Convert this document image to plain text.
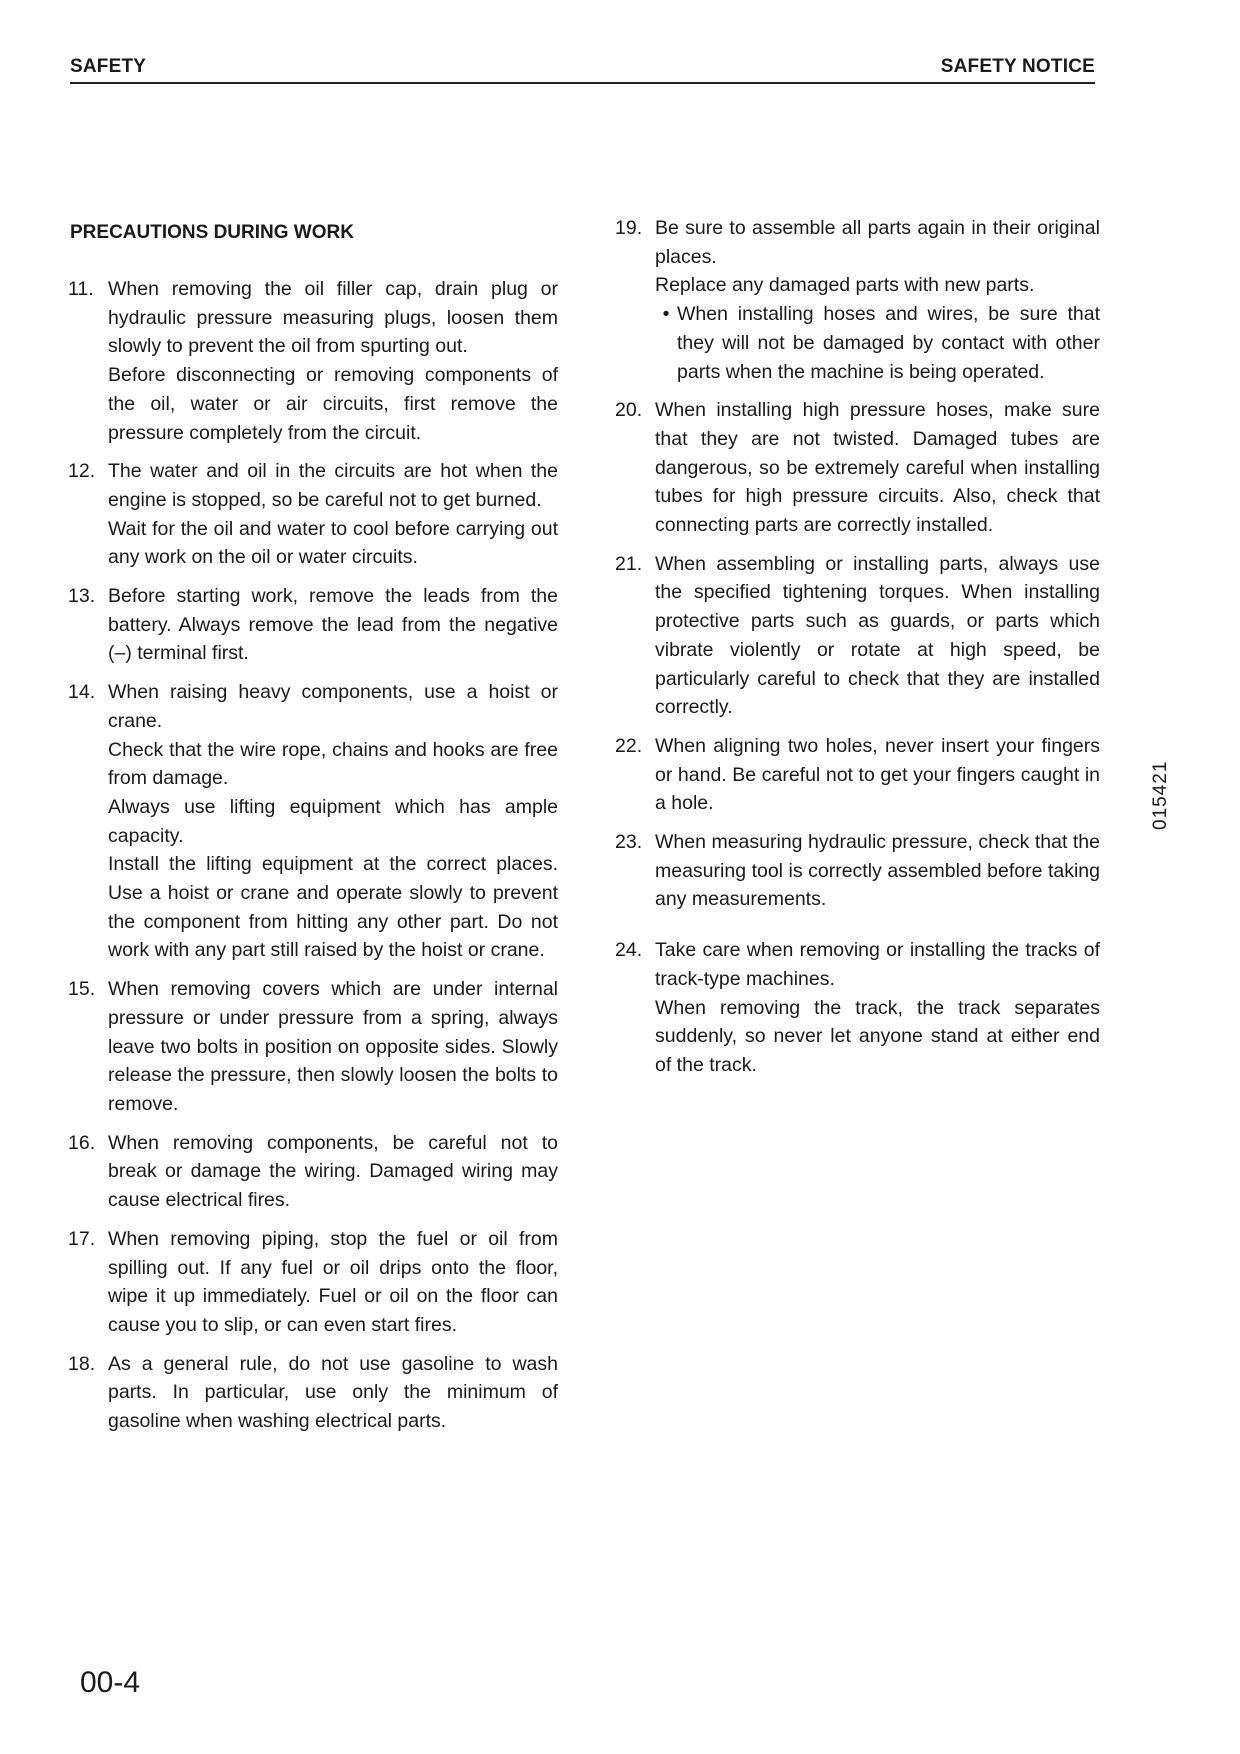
SAFETY	SAFETY NOTICE
PRECAUTIONS DURING WORK
11. When removing the oil filler cap, drain plug or hydraulic pressure measuring plugs, loosen them slowly to prevent the oil from spurting out.

Before disconnecting or removing components of the oil, water or air circuits, first remove the pressure completely from the circuit.

12. The water and oil in the circuits are hot when the engine is stopped, so be careful not to get burned.

Wait for the oil and water to cool before carrying out any work on the oil or water circuits.

13. Before starting work, remove the leads from the battery. Always remove the lead from the negative (–) terminal first.

14. When raising heavy components, use a hoist or crane.

Check that the wire rope, chains and hooks are free from damage.

Always use lifting equipment which has ample capacity.

Install the lifting equipment at the correct places. Use a hoist or crane and operate slowly to prevent the component from hitting any other part. Do not work with any part still raised by the hoist or crane.

15. When removing covers which are under internal pressure or under pressure from a spring, always leave two bolts in position on opposite sides. Slowly release the pressure, then slowly loosen the bolts to remove.

16. When removing components, be careful not to break or damage the wiring. Damaged wiring may cause electrical fires.

17. When removing piping, stop the fuel or oil from spilling out. If any fuel or oil drips onto the floor, wipe it up immediately. Fuel or oil on the floor can cause you to slip, or can even start fires.

18. As a general rule, do not use gasoline to wash parts. In particular, use only the minimum of gasoline when washing electrical parts.

19. Be sure to assemble all parts again in their original places.

Replace any damaged parts with new parts.

• When installing hoses and wires, be sure that they will not be damaged by contact with other parts when the machine is being operated.
20. When installing high pressure hoses, make sure that they are not twisted. Damaged tubes are dangerous, so be extremely careful when installing tubes for high pressure circuits. Also, check that connecting parts are correctly installed.

21. When assembling or installing parts, always use the specified tightening torques. When installing protective parts such as guards, or parts which vibrate violently or rotate at high speed, be particularly careful to check that they are installed correctly.

22. When aligning two holes, never insert your fingers or hand. Be careful not to get your fingers caught in a hole.

23. When measuring hydraulic pressure, check that the measuring tool is correctly assembled before taking any measurements.

24. Take care when removing or installing the tracks of track-type machines.

When removing the track, the track separates suddenly, so never let anyone stand at either end of the track.

015421
00-4
